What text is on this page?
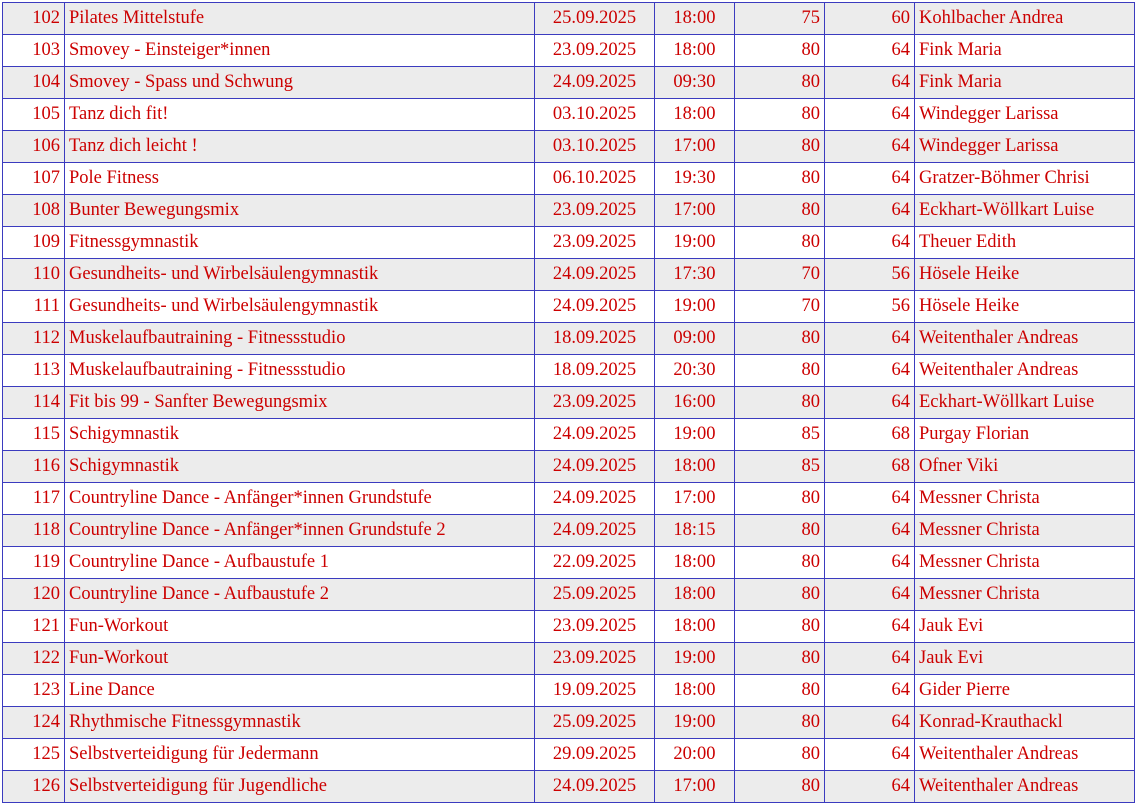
102	Pilates Mittelstufe	25.09.2025	18:00	75	60	Kohlbacher Andrea
103	Smovey - Einsteiger*innen	23.09.2025	18:00	80	64	Fink Maria
104	Smovey - Spass und Schwung	24.09.2025	09:30	80	64	Fink Maria
105	Tanz dich fit!	03.10.2025	18:00	80	64	Windegger Larissa
106	Tanz dich leicht !	03.10.2025	17:00	80	64	Windegger Larissa
107	Pole Fitness	06.10.2025	19:30	80	64	Gratzer-Böhmer Chrisi
108	Bunter Bewegungsmix	23.09.2025	17:00	80	64	Eckhart-Wöllkart Luise
109	Fitnessgymnastik	23.09.2025	19:00	80	64	Theuer Edith
110	Gesundheits- und Wirbelsäulengymnastik	24.09.2025	17:30	70	56	Hösele Heike
111	Gesundheits- und Wirbelsäulengymnastik	24.09.2025	19:00	70	56	Hösele Heike
112	Muskelaufbautraining - Fitnessstudio	18.09.2025	09:00	80	64	Weitenthaler Andreas
113	Muskelaufbautraining - Fitnessstudio	18.09.2025	20:30	80	64	Weitenthaler Andreas
114	Fit bis 99 - Sanfter Bewegungsmix	23.09.2025	16:00	80	64	Eckhart-Wöllkart Luise
115	Schigymnastik	24.09.2025	19:00	85	68	Purgay Florian
116	Schigymnastik	24.09.2025	18:00	85	68	Ofner Viki
117	Countryline Dance - Anfänger*innen Grundstufe	24.09.2025	17:00	80	64	Messner Christa
118	Countryline Dance - Anfänger*innen Grundstufe 2	24.09.2025	18:15	80	64	Messner Christa
119	Countryline Dance - Aufbaustufe 1	22.09.2025	18:00	80	64	Messner Christa
120	Countryline Dance - Aufbaustufe 2	25.09.2025	18:00	80	64	Messner Christa
121	Fun-Workout	23.09.2025	18:00	80	64	Jauk Evi
122	Fun-Workout	23.09.2025	19:00	80	64	Jauk Evi
123	Line Dance	19.09.2025	18:00	80	64	Gider Pierre
124	Rhythmische Fitnessgymnastik	25.09.2025	19:00	80	64	Konrad-Krauthackl
125	Selbstverteidigung für Jedermann	29.09.2025	20:00	80	64	Weitenthaler Andreas
126	Selbstverteidigung für Jugendliche	24.09.2025	17:00	80	64	Weitenthaler Andreas
